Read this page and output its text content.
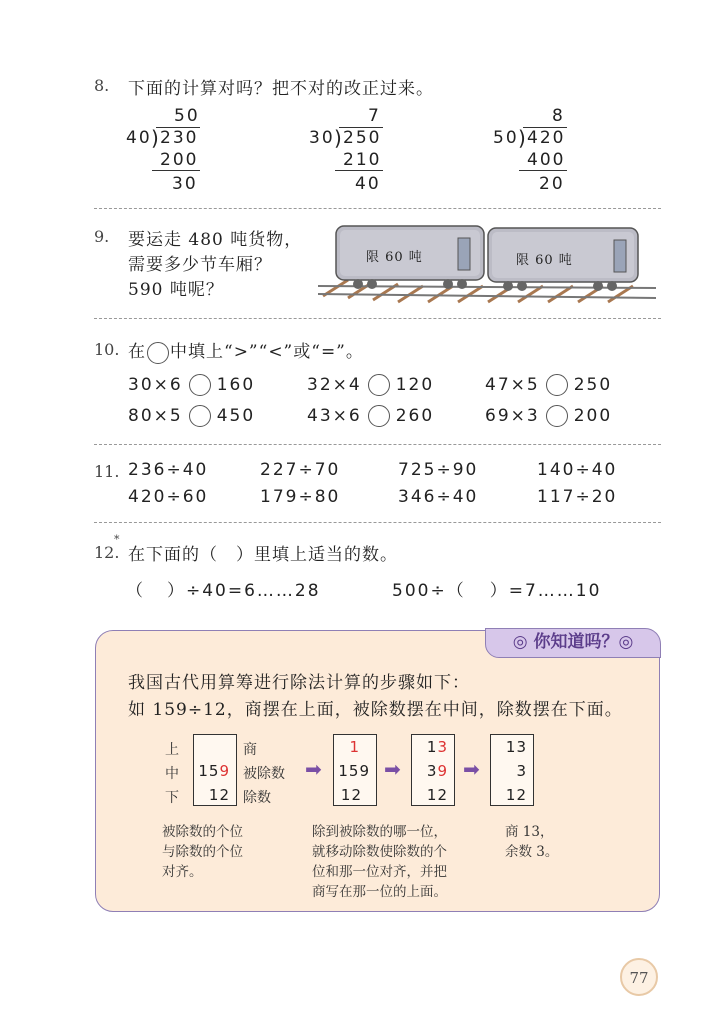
8. 下面的计算对吗？把不对的改正过来。
50
40 ) 230
200
30
7
30 ) 250
210
40
8
50 ) 420
400
20
9. 要运走 480 吨货物，
需要多少节车厢？
590 吨呢？
限 60 吨	限 60 吨
10. 在 中填上“>”“<”或“=”。
30×6 160	32×4 120	47×5 250
80×5 450	43×6 260	69×3 200
11. 236÷40	227÷70	725÷90	140÷40
420÷60	179÷80	346÷40	117÷20
12.
*
在下面的（　）里填上适当的数。
（ ）÷40=6……28	500÷（ ）=7……10
◎ 你知道吗？◎
我国古代用算筹进行除法计算的步骤如下：
如 159÷12，商摆在上面，被除数摆在中间，除数摆在下面。
上
中
下
159
12
商
被除数
除数
➡
1
159
12
➡
13
39
12
➡
13
3
12
被除数的个位
与除数的个位
对齐。
除到被除数的哪一位，
就移动除数使除数的个
位和那一位对齐，并把
商写在那一位的上面。
商 13，
余数 3。
77
